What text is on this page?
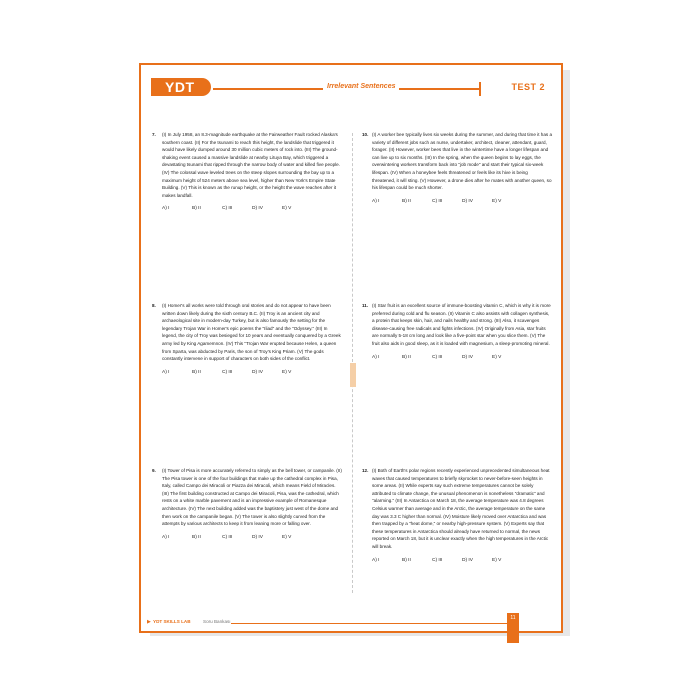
YDT	Irrelevant Sentences	TEST 2
7. (I) In July 1958, an 8.3-magnitude earthquake at the Fairweather Fault rocked Alaska's southern coast. (II) For the tsunami to reach this height, the landslide that triggered it would have likely dumped around 30 million cubic meters of rock into. (III) The ground-shaking event caused a massive landslide at nearby Lituya Bay, which triggered a devastating tsunami that ripped through the narrow body of water and killed five people. (IV) The colossal wave leveled trees on the steep slopes surrounding the bay up to a maximum height of 524 meters above sea level, higher than New York's Empire State Building. (V) This is known as the runup height, or the height the wave reaches after it makes landfall.
A) I	B) II	C) III	D) IV	E) V
8. (I) Homer's all works were told through oral stories and do not appear to have been written down likely during the sixth century B.C. (II) Troy is an ancient city and archaeological site in modern-day Turkey, but is also famously the setting for the legendary Trojan War in Homer's epic poems the "Iliad" and the "Odyssey." (III) In legend, the city of Troy was besieged for 10 years and eventually conquered by a Greek army led by King Agamemnon. (IV) This "Trojan War erupted because Helen, a queen from Sparta, was abducted by Paris, the son of Troy's King Priam. (V) The gods constantly intervene in support of characters on both sides of the conflict.
A) I	B) II	C) III	D) IV	E) V
9. (I) Tower of Pisa is more accurately referred to simply as the bell tower, or campanile. (II) The Pisa tower is one of the four buildings that make up the cathedral complex in Pisa, Italy, called Campo dei Miracoli or Piazza dei Miracoli, which means Field of Miracles. (III) The first building constructed at Campo dei Miracoli, Pisa, was the cathedral, which rests on a white marble pavement and is an impressive example of Romanesque architecture. (IV) The next building added was the baptistery just west of the dome and then work on the campanile began. (V) The tower is also slightly curved from the attempts by various architects to keep it from leaning more or falling over.
A) I	B) II	C) III	D) IV	E) V
10. (I) A worker bee typically lives six weeks during the summer, and during that time it has a variety of different jobs such as nurse, undertaker, architect, cleaner, attendant, guard, forager. (II) However, worker bees that live in the wintertime have a longer lifespan and can live up to six months. (III) In the spring, when the queen begins to lay eggs, the overwintering workers transform back into "job mode" and start their typical six-week lifespan. (IV) When a honeybee feels threatened or feels like its hive is being threatened, it will sting. (V) However, a drone dies after he mates with another queen, so his lifespan could be much shorter.
A) I	B) II	C) III	D) IV	E) V
11. (I) Star fruit is an excellent source of immune-boosting vitamin C, which is why it is more preferred during cold and flu season. (II) Vitamin C also assists with collagen synthesis, a protein that keeps skin, hair, and nails healthy and strong. (III) Also, it scavenges disease-causing free radicals and fights infections. (IV) Originally from Asia, star fruits are normally 5-18 cm long and look like a five-point star when you slice them. (V) The fruit also aids in good sleep, as it is loaded with magnesium, a sleep-promoting mineral.
A) I	B) II	C) III	D) IV	E) V
12. (I) Both of Earth's polar regions recently experienced unprecedented simultaneous heat waves that caused temperatures to briefly skyrocket to never-before-seen heights in some areas. (II) While experts say such extreme temperatures cannot be solely attributed to climate change, the unusual phenomenon is nonetheless "dramatic" and "alarming." (III) In Antarctica on March 18, the average temperature was 4.8 degrees Celsius warmer than average and in the Arctic, the average temperature on the same day was 3.3 C higher than normal. (IV) Moisture likely moved over Antarctica and was then trapped by a "heat dome," or nearby high-pressure system. (V) Experts say that these temperatures in Antarctica should already have returned to normal, the news reported on March 18, but it is unclear exactly when the high temperatures in the Arctic will break.
A) I	B) II	C) III	D) IV	E) V
▶ YDT SKILLS LAB	Soru Bankası
11
